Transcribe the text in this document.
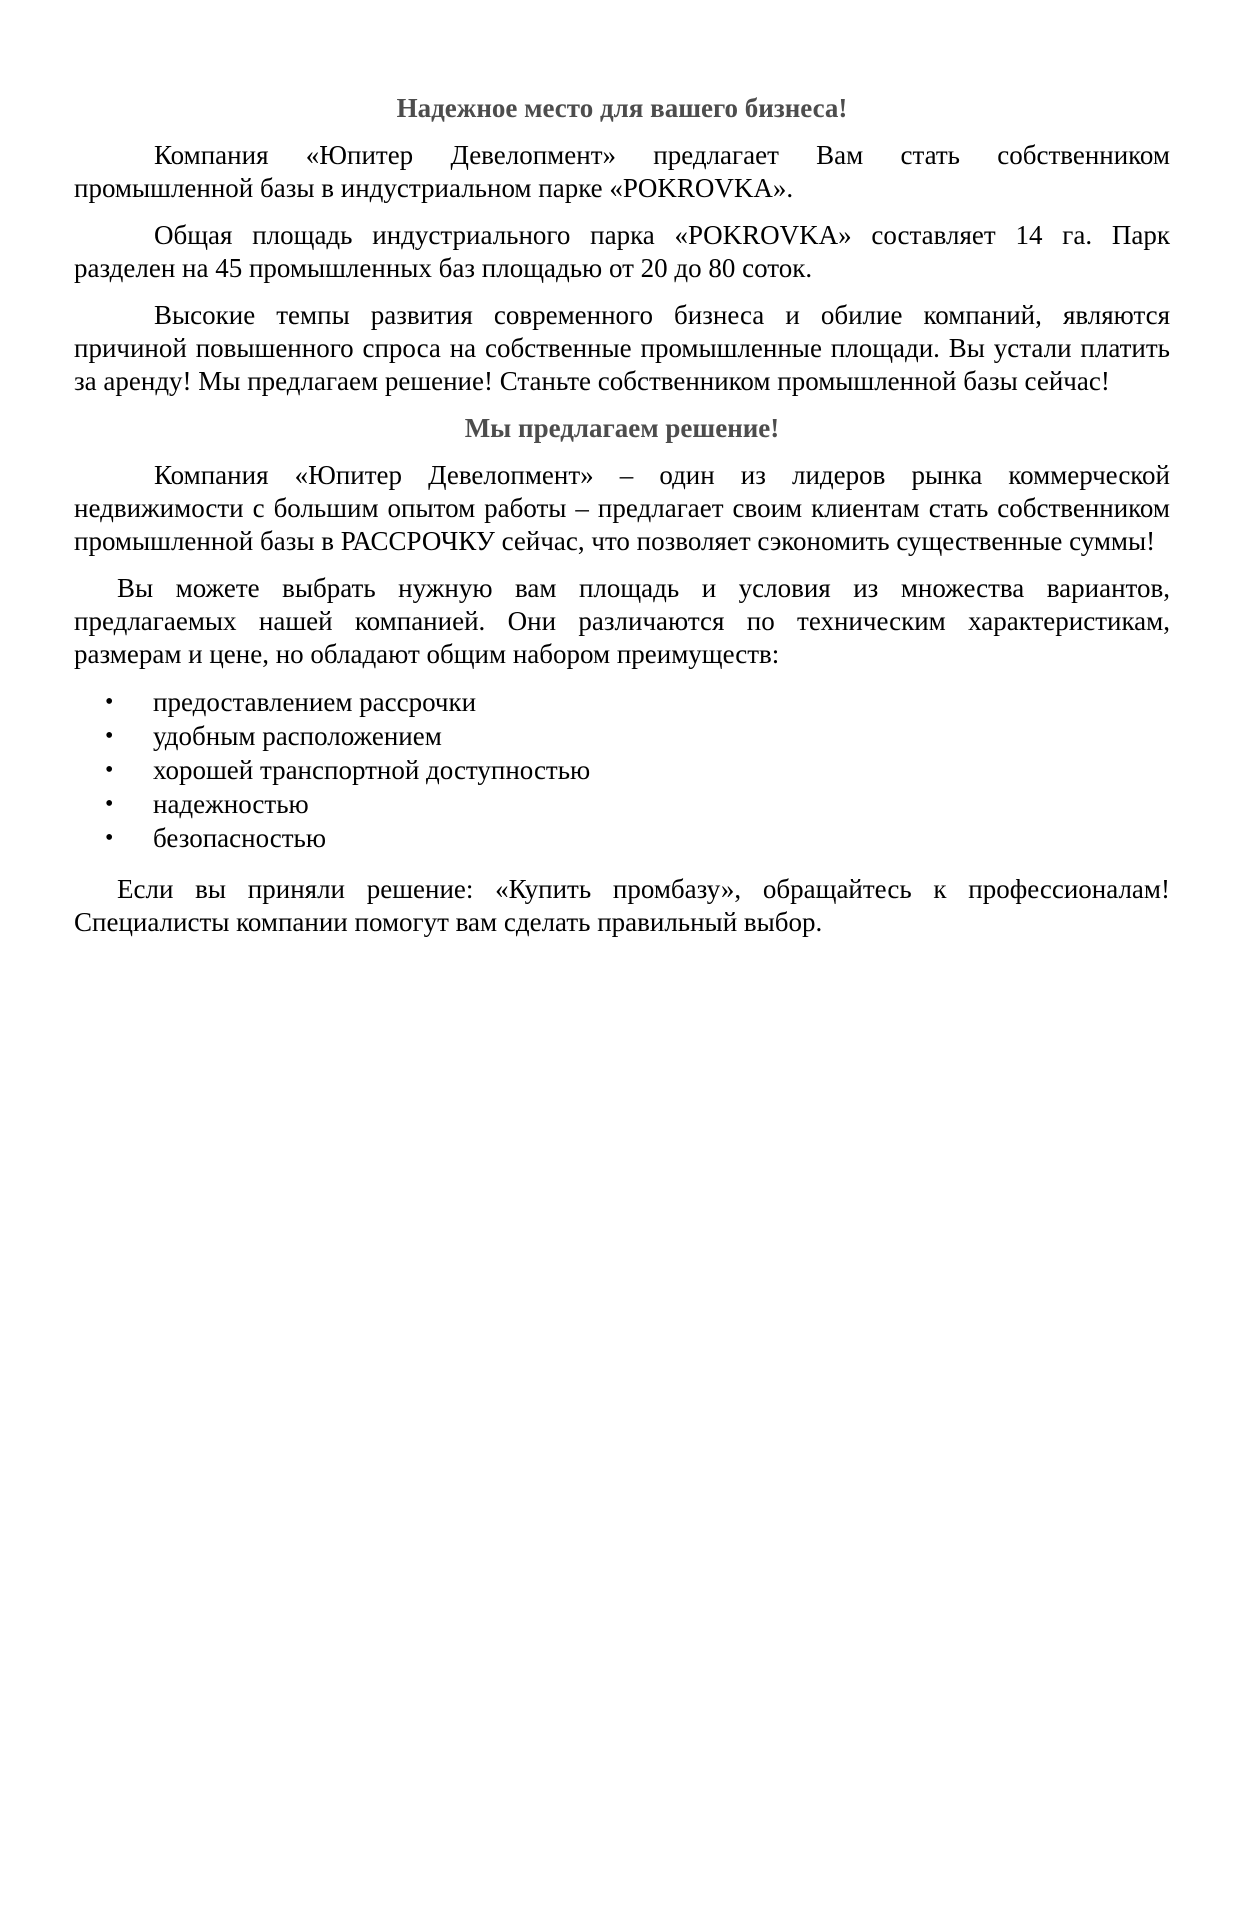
Надежное место для вашего бизнеса!

Компания «Юпитер Девелопмент» предлагает Вам стать собственником промышленной базы в индустриальном парке «POKROVKA».

Общая площадь индустриального парка «POKROVKA» составляет 14 га. Парк разделен на 45 промышленных баз площадью от 20 до 80 соток.

Высокие темпы развития современного бизнеса и обилие компаний, являются причиной повышенного спроса на собственные промышленные площади. Вы устали платить за аренду! Мы предлагаем решение! Станьте собственником промышленной базы сейчас!

Мы предлагаем решение!

Компания «Юпитер Девелопмент» – один из лидеров рынка коммерческой недвижимости с большим опытом работы – предлагает своим клиентам стать собственником промышленной базы в РАССРОЧКУ сейчас, что позволяет сэкономить существенные суммы!

Вы можете выбрать нужную вам площадь и условия из множества вариантов, предлагаемых нашей компанией. Они различаются по техническим характеристикам, размерам и цене, но обладают общим набором преимуществ:

•	предоставлением рассрочки
•	удобным расположением
•	хорошей транспортной доступностью
•	надежностью
•	безопасностью

Если вы приняли решение: «Купить промбазу», обращайтесь к профессионалам! Специалисты компании помогут вам сделать правильный выбор.
